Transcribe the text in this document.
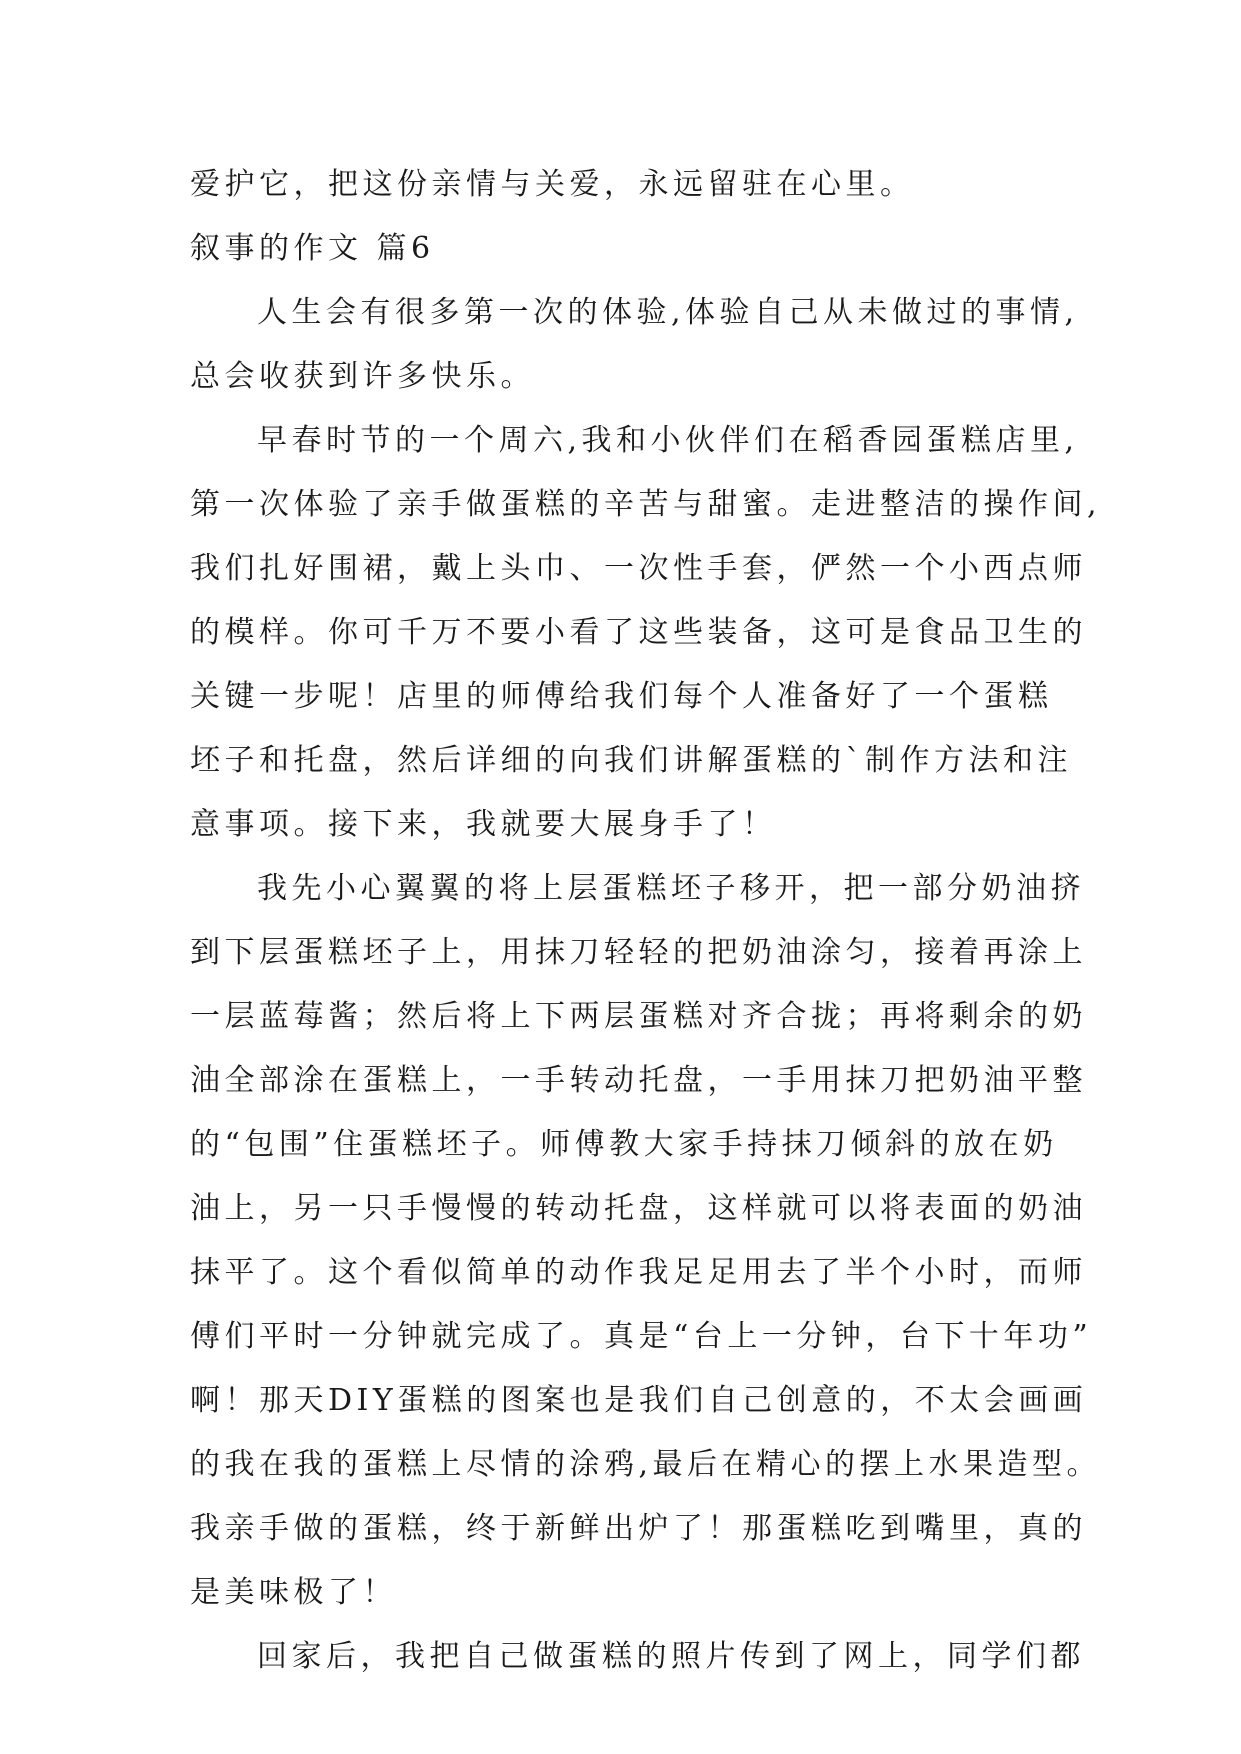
爱护它，把这份亲情与关爱，永远留驻在心里。
叙事的作文 篇6
人生会有很多第一次的体验,体验自己从未做过的事情,
总会收获到许多快乐。
早春时节的一个周六,我和小伙伴们在稻香园蛋糕店里,
第一次体验了亲手做蛋糕的辛苦与甜蜜。走进整洁的操作间,
我们扎好围裙，戴上头巾、一次性手套，俨然一个小西点师
的模样。你可千万不要小看了这些装备，这可是食品卫生的
关键一步呢！店里的师傅给我们每个人准备好了一个蛋糕
坯子和托盘，然后详细的向我们讲解蛋糕的`制作方法和注
意事项。接下来，我就要大展身手了！
我先小心翼翼的将上层蛋糕坯子移开，把一部分奶油挤
到下层蛋糕坯子上，用抹刀轻轻的把奶油涂匀，接着再涂上
一层蓝莓酱；然后将上下两层蛋糕对齐合拢；再将剩余的奶
油全部涂在蛋糕上，一手转动托盘，一手用抹刀把奶油平整
的“包围”住蛋糕坯子。师傅教大家手持抹刀倾斜的放在奶
油上，另一只手慢慢的转动托盘，这样就可以将表面的奶油
抹平了。这个看似简单的动作我足足用去了半个小时，而师
傅们平时一分钟就完成了。真是“台上一分钟，台下十年功”
啊！那天DIY蛋糕的图案也是我们自己创意的，不太会画画
的我在我的蛋糕上尽情的涂鸦,最后在精心的摆上水果造型。
我亲手做的蛋糕，终于新鲜出炉了！那蛋糕吃到嘴里，真的
是美味极了！
回家后，我把自己做蛋糕的照片传到了网上，同学们都
